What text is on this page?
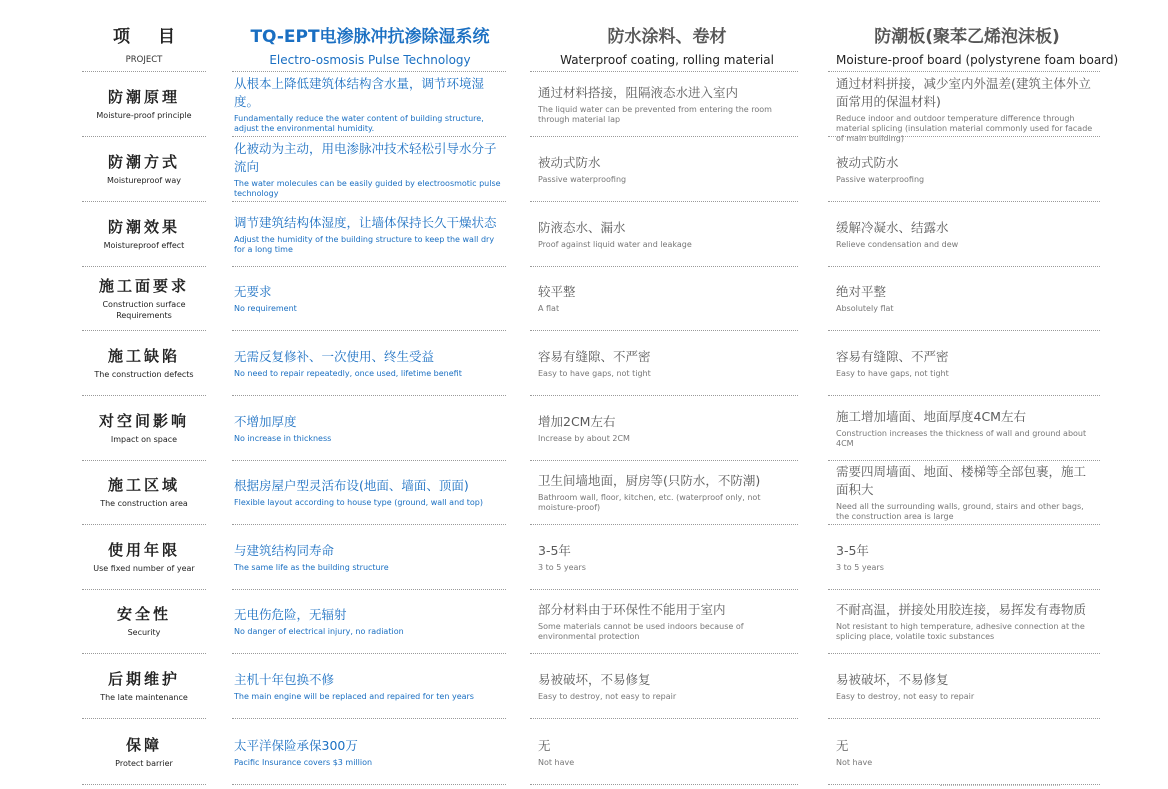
项目
PROJECT
TQ-EPT电渗脉冲抗渗除湿系统
Electro-osmosis Pulse Technology
防水涂料、卷材
Waterproof coating, rolling material
防潮板(聚苯乙烯泡沫板)
Moisture-proof board (polystyrene foam board)
防潮原理
Moisture-proof principle
从根本上降低建筑体结构含水量，调节环境湿度。
Fundamentally reduce the water content of building structure, adjust the environmental humidity.
通过材料搭接，阻隔液态水进入室内
The liquid water can be prevented from entering the room through material lap
通过材料拼接，减少室内外温差(建筑主体外立面常用的保温材料)
Reduce indoor and outdoor temperature difference through material splicing (insulation material commonly used for facade of main building)
防潮方式
Moistureproof way
化被动为主动，用电渗脉冲技术轻松引导水分子流向
The water molecules can be easily guided by electroosmotic pulse technology
被动式防水
Passive waterproofing
被动式防水
Passive waterproofing
防潮效果
Moistureproof effect
调节建筑结构体湿度，让墙体保持长久干燥状态
Adjust the humidity of the building structure to keep the wall dry for a long time
防液态水、漏水
Proof against liquid water and leakage
缓解冷凝水、结露水
Relieve condensation and dew
施工面要求
Construction surface Requirements
无要求
No requirement
较平整
A flat
绝对平整
Absolutely flat
施工缺陷
The construction defects
无需反复修补、一次使用、终生受益
No need to repair repeatedly, once used, lifetime benefit
容易有缝隙、不严密
Easy to have gaps, not tight
容易有缝隙、不严密
Easy to have gaps, not tight
对空间影响
Impact on space
不增加厚度
No increase in thickness
增加2CM左右
Increase by about 2CM
施工增加墙面、地面厚度4CM左右
Construction increases the thickness of wall and ground about 4CM
施工区域
The construction area
根据房屋户型灵活布设(地面、墙面、顶面)
Flexible layout according to house type (ground, wall and top)
卫生间墙地面，厨房等(只防水，不防潮)
Bathroom wall, floor, kitchen, etc. (waterproof only, not moisture-proof)
需要四周墙面、地面、楼梯等全部包裹，施工面积大
Need all the surrounding walls, ground, stairs and other bags, the construction area is large
使用年限
Use fixed number of year
与建筑结构同寿命
The same life as the building structure
3-5年
3 to 5 years
3-5年
3 to 5 years
安全性
Security
无电伤危险，无辐射
No danger of electrical injury, no radiation
部分材料由于环保性不能用于室内
Some materials cannot be used indoors because of environmental protection
不耐高温，拼接处用胶连接，易挥发有毒物质
Not resistant to high temperature, adhesive connection at the splicing place, volatile toxic substances
后期维护
The late maintenance
主机十年包换不修
The main engine will be replaced and repaired for ten years
易被破坏，不易修复
Easy to destroy, not easy to repair
易被破坏，不易修复
Easy to destroy, not easy to repair
保障
Protect barrier
太平洋保险承保300万
Pacific Insurance covers $3 million
无
Not have
无
Not have
